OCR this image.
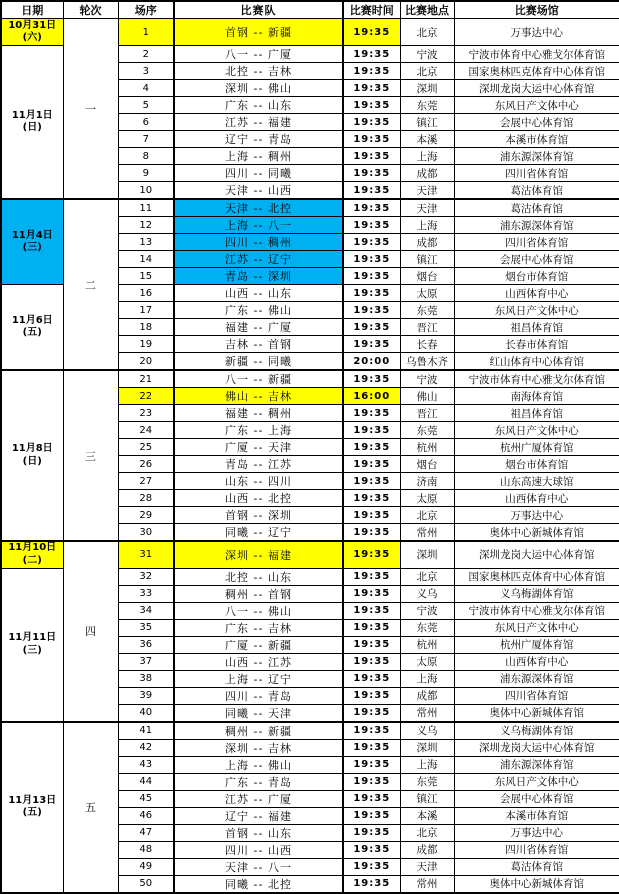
日期	轮次	场序	比赛队	比赛时间	比赛地点	比赛场馆

10月31日
(六)	一	1	首钢 -- 新疆	19:35	北京	万事达中心

11月1日
(日)		2	八一 -- 广厦	19:35	宁波	宁波市体育中心雅戈尔体育馆
		3	北控 -- 吉林	19:35	北京	国家奥林匹克体育中心体育馆
		4	深圳 -- 佛山	19:35	深圳	深圳龙岗大运中心体育馆
		5	广东 -- 山东	19:35	东莞	东风日产文体中心
		6	江苏 -- 福建	19:35	镇江	会展中心体育馆
		7	辽宁 -- 青岛	19:35	本溪	本溪市体育馆
		8	上海 -- 稠州	19:35	上海	浦东源深体育馆
		9	四川 -- 同曦	19:35	成都	四川省体育馆
		10	天津 -- 山西	19:35	天津	葛沽体育馆

11月4日
(三)	二	11	天津 -- 北控	19:35	天津	葛沽体育馆
		12	上海 -- 八一	19:35	上海	浦东源深体育馆
		13	四川 -- 稠州	19:35	成都	四川省体育馆
		14	江苏 -- 辽宁	19:35	镇江	会展中心体育馆
		15	青岛 -- 深圳	19:35	烟台	烟台市体育馆

11月6日
(五)		16	山西 -- 山东	19:35	太原	山西体育中心
		17	广东 -- 佛山	19:35	东莞	东风日产文体中心
		18	福建 -- 广厦	19:35	晋江	祖昌体育馆
		19	吉林 -- 首钢	19:35	长春	长春市体育馆
		20	新疆 -- 同曦	20:00	乌鲁木齐	红山体育中心体育馆

11月8日
(日)	三	21	八一 -- 新疆	19:35	宁波	宁波市体育中心雅戈尔体育馆
		22	佛山 -- 吉林	16:00	佛山	南海体育馆
		23	福建 -- 稠州	19:35	晋江	祖昌体育馆
		24	广东 -- 上海	19:35	东莞	东风日产文体中心
		25	广厦 -- 天津	19:35	杭州	杭州广厦体育馆
		26	青岛 -- 江苏	19:35	烟台	烟台市体育馆
		27	山东 -- 四川	19:35	济南	山东高速大球馆
		28	山西 -- 北控	19:35	太原	山西体育中心
		29	首钢 -- 深圳	19:35	北京	万事达中心
		30	同曦 -- 辽宁	19:35	常州	奥体中心新城体育馆

11月10日
(二)	四	31	深圳 -- 福建	19:35	深圳	深圳龙岗大运中心体育馆

11月11日
(三)		32	北控 -- 山东	19:35	北京	国家奥林匹克体育中心体育馆
		33	稠州 -- 首钢	19:35	义乌	义乌梅湖体育馆
		34	八一 -- 佛山	19:35	宁波	宁波市体育中心雅戈尔体育馆
		35	广东 -- 吉林	19:35	东莞	东风日产文体中心
		36	广厦 -- 新疆	19:35	杭州	杭州广厦体育馆
		37	山西 -- 江苏	19:35	太原	山西体育中心
		38	上海 -- 辽宁	19:35	上海	浦东源深体育馆
		39	四川 -- 青岛	19:35	成都	四川省体育馆
		40	同曦 -- 天津	19:35	常州	奥体中心新城体育馆

11月13日
(五)	五	41	稠州 -- 新疆	19:35	义乌	义乌梅湖体育馆
		42	深圳 -- 吉林	19:35	深圳	深圳龙岗大运中心体育馆
		43	上海 -- 佛山	19:35	上海	浦东源深体育馆
		44	广东 -- 青岛	19:35	东莞	东风日产文体中心
		45	江苏 -- 广厦	19:35	镇江	会展中心体育馆
		46	辽宁 -- 福建	19:35	本溪	本溪市体育馆
		47	首钢 -- 山东	19:35	北京	万事达中心
		48	四川 -- 山西	19:35	成都	四川省体育馆
		49	天津 -- 八一	19:35	天津	葛沽体育馆
		50	同曦 -- 北控	19:35	常州	奥体中心新城体育馆
